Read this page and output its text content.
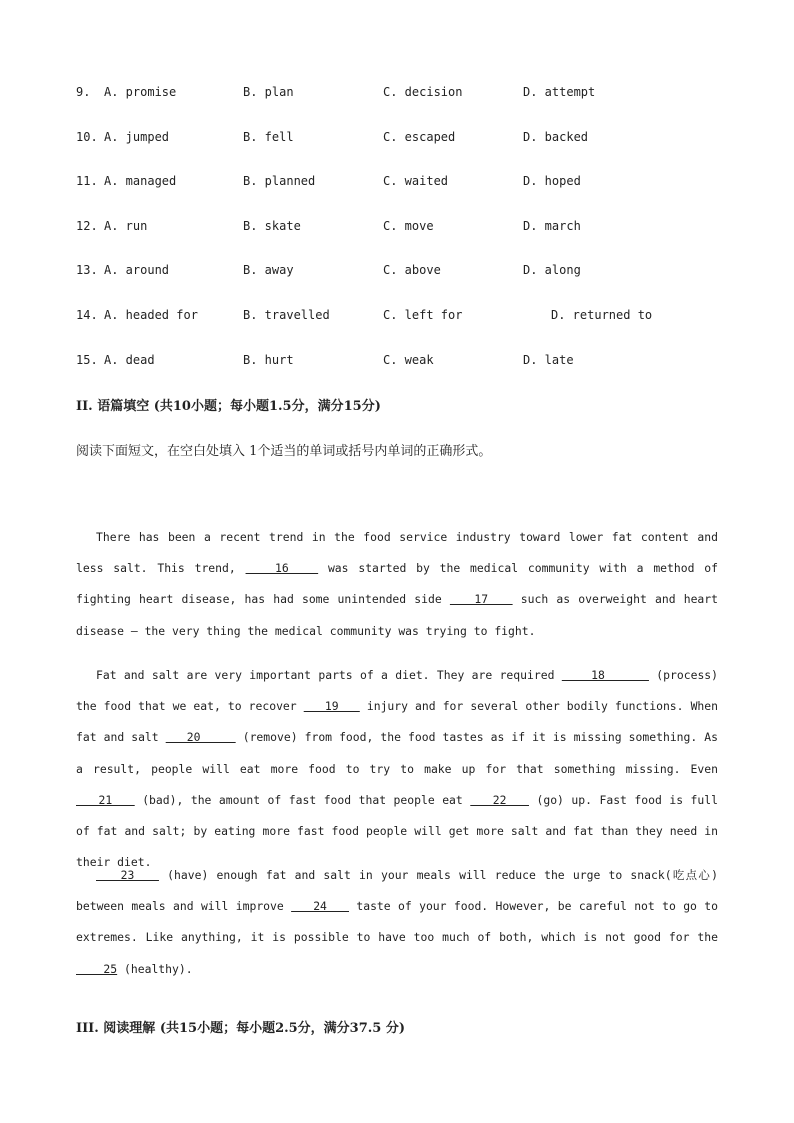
9. A. promise	B. plan	C. decision	D. attempt
10. A. jumped	B. fell	C. escaped	D. backed
11. A. managed	B. planned	C. waited	D. hoped
12. A. run	B. skate	C. move	D. march
13. A. around	B. away	C. above	D. along
14. A. headed for	B. travelled	C. left for	D. returned to
15. A. dead	B. hurt	C. weak	D. late
II. 语篇填空 (共10小题；每小题1.5分，满分15分)
阅读下面短文，在空白处填入 1个适当的单词或括号内单词的正确形式。
There has been a recent trend in the food service industry toward lower fat content and less salt. This trend,    16    was started by the medical community with a method of fighting heart disease, has had some unintended side    17    such as overweight and heart disease — the very thing the medical community was trying to fight.
Fat and salt are very important parts of a diet. They are required     18       (process) the food that we eat, to recover    19    injury and for several other bodily functions. When fat and salt    20      (remove) from food, the food tastes as if it is missing something. As a result, people will eat more food to try to make up for that something missing. Even    21    (bad), the amount of fast food that people eat    22    (go) up. Fast food is full of fat and salt; by eating more fast food people will get more salt and fat than they need in their diet.
23    (have) enough fat and salt in your meals will reduce the urge to snack(吃点心) between meals and will improve    24    taste of your food. However, be careful not to go to extremes. Like anything, it is possible to have too much of both, which is not good for the     25 (healthy).
III. 阅读理解 (共15小题；每小题2.5分，满分37.5 分)
